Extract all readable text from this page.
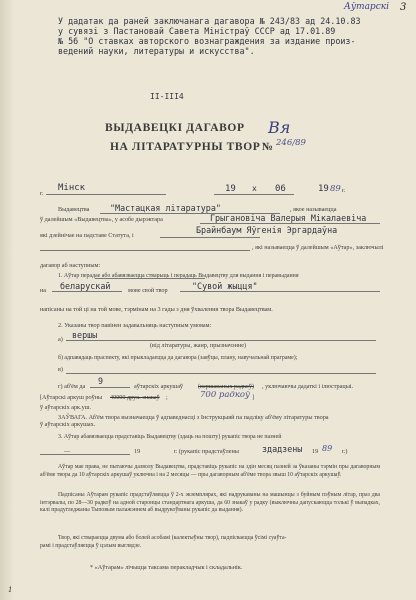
Аўтарскі 3
У дадатак да раней заключанага дагавора № 243/83 ад 24.10.83
у сувязі з Пастановай Савета Міністраў СССР ад 17.01.89
№ 56 "О ставках авторского вознаграждения за издание произ-
ведений науки, литературы и искусства".
II-III4
ВЫДАВЕЦКІ ДАГАВОР
НА ЛІТАРАТУРНЫ ТВОР № 246/89
Вя
г.
Мінск	19 х 06	19 89 г.
Выдавецтва "Мастацкая літаратура"	, якое называецца
ў далейшым «Выдавецтва», у асобе дырэктара	Грыгановіча Валерыя Мікалаевіча
які дзейнічае на падставе Статута, і
Брайнбаум Яўгенія Эргардаўна
, які называецца ў далейшым «Аўтар», заключылі
дагавор аб наступным:
1. Аўтар перадае або абавязваецца стварыць і перадаць Выдавецтву для выдання і перавыдання
на беларускай	мове свой твор	"Сувой жыцця"
напісаны на той ці на той мове, тэрмінам на 3 гады з дня ўхвалення твора Выдавецтвам.
2. Указаны твор павінен задавальняць наступным умовам:
а) вершы
(від літаратуры, жанр, прызначэнне)
б) адпавядаць праспекту, які прыкладаецца да дагавора (заяўцы, плану, навучальнай праграме);
в)
г) аб'ём да
9
аўтарскіх аркушаў (вершаваных радкоў) , уключаючы дадаткі і ілюстрацыі.
[Аўтарскі аркуш роўны 40000 друк. знакаў ;	700 радкоў ]
ў аўтарскіх арк.уш.
ЗАЎВАГА. Аб'ём твора вызначаецца ў адпаведнасці з Інструкцыяй па падліку аб'ёму літаратуры твора
ў аўтарскіх аркушах.
3. Аўтар абавязваецца прадставіць Выдавецтву (здаць на пошту) рукапіс твора не пазней
—	19	г. (рукапіс прадстаўлены	здадзены 19 89 г.)
Аўтар мае права, не пытаючы дазволу Выдавецтва, прадставіць рукапіс на здін месяц пазней за ўказаны тэрмін пры дагаворным аб'ёме твора да 10 аўтарскіх аркушаў уключна і на 2 месяцы — пры дагаворным аб'ёме твора звыш 10 аўтарскіх аркушаў.
Падпісаны Аўтарам рукапіс прадстаўляецца ў 2-х экземплярах, які надрукаваны на машынцы з буйным пэўным літар, праз два інтэрвалы, по 28—30 радкоў на адной старонцы стандартнага аркуша, да 60 знакаў у радку (выключны дапускаюцца толькі ў выпадках, калі прадугледжаны Тыповым палажэннем аб выдрукоўваны рукапіс да выдання).
Твор, які ствараецца двума або болей асобамі (калектыўны твор), падпісваецца ўсімі суаўта-
рамі і прадстаўляецца ў цэлым выглядзе.
* «Аўтарам» лічыцца таксама перакладчык і складальнік.
1
